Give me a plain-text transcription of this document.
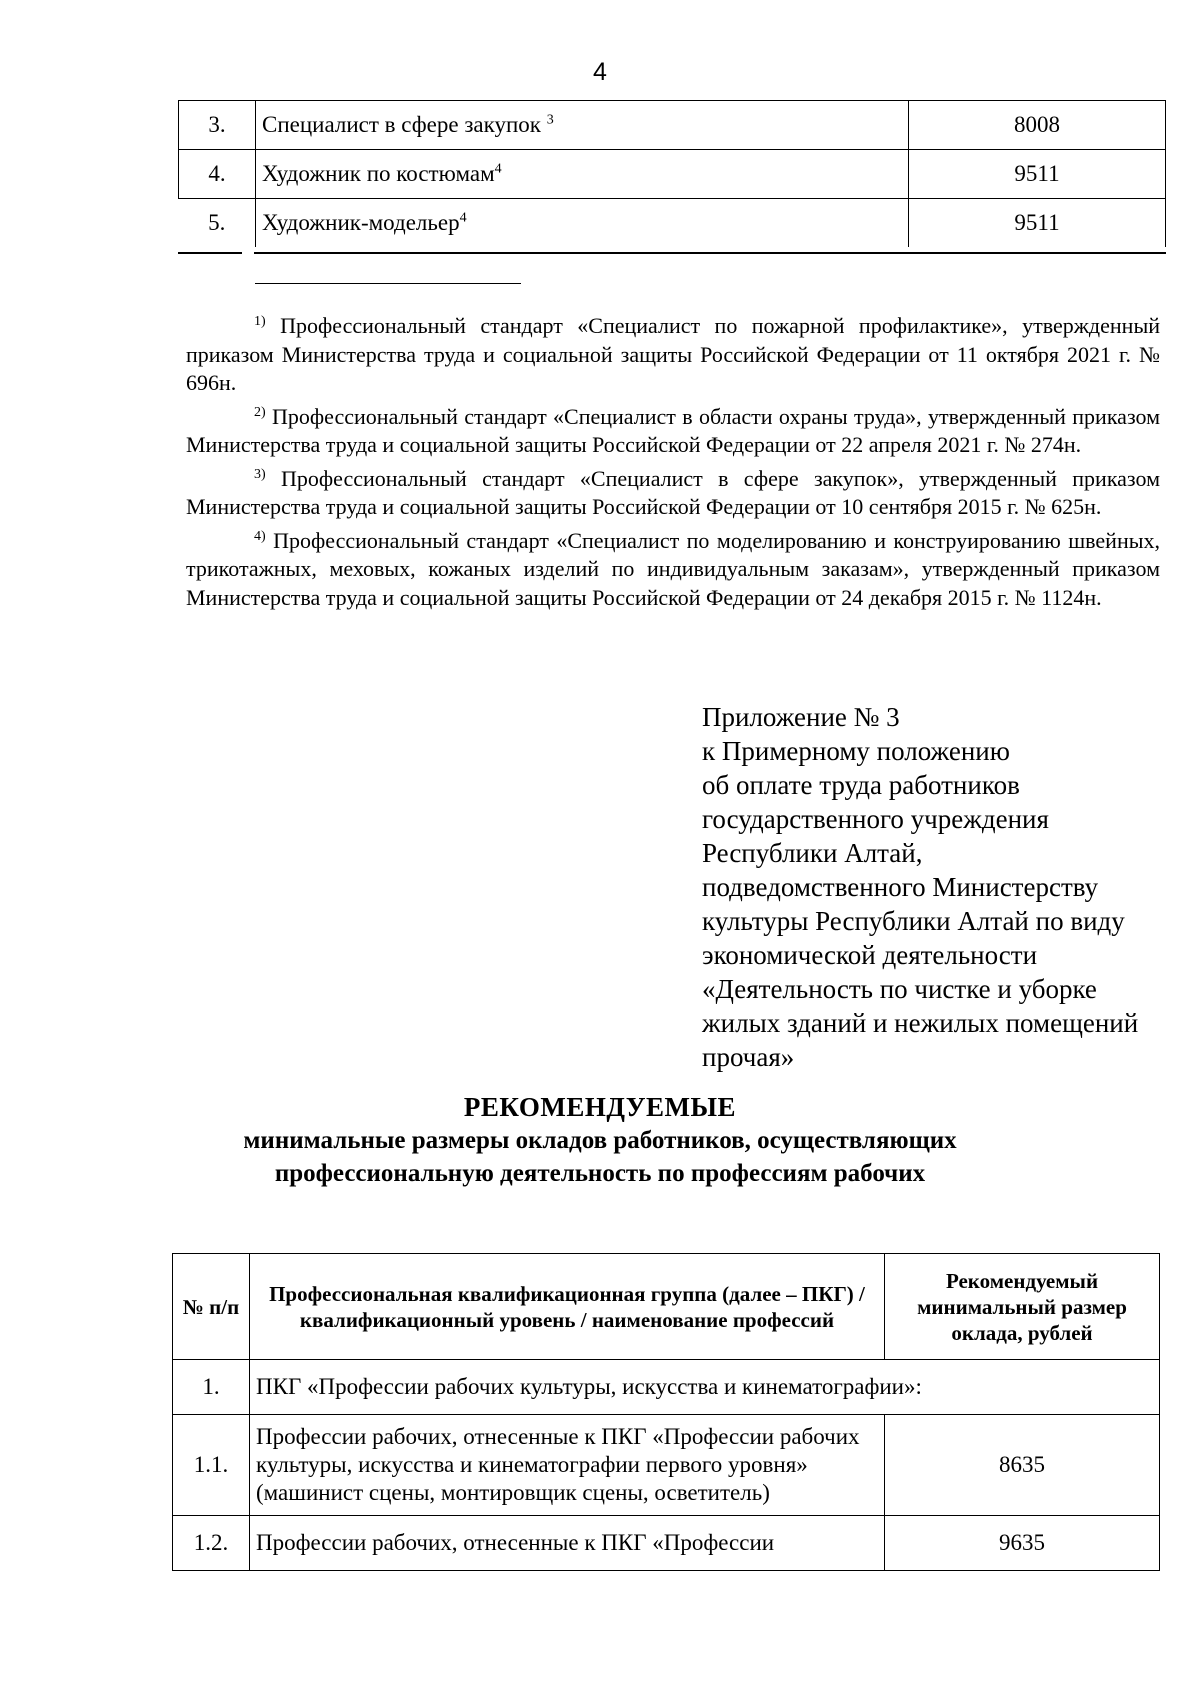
4
3.	Специалист в сфере закупок $^3$	8008
4.	Художник по костюмам$^4$	9511
5.	Художник-модельер$^4$	9511

$^{1)}$ Профессиональный стандарт «Специалист по пожарной профилактике», утвержденный приказом Министерства труда и социальной защиты Российской Федерации от 11 октября 2021 г. № 696н.

$^{2)}$ Профессиональный стандарт «Специалист в области охраны труда», утвержденный приказом Министерства труда и социальной защиты Российской Федерации от 22 апреля 2021 г. № 274н.

$^{3)}$ Профессиональный стандарт «Специалист в сфере закупок», утвержденный приказом Министерства труда и социальной защиты Российской Федерации от 10 сентября 2015 г. № 625н.

$^{4)}$ Профессиональный стандарт «Специалист по моделированию и конструированию швейных, трикотажных, меховых, кожаных изделий по индивидуальным заказам», утвержденный приказом Министерства труда и социальной защиты Российской Федерации от 24 декабря 2015 г. № 1124н.

Приложение № 3
к Примерному положению
об оплате труда работников
государственного учреждения
Республики Алтай,
подведомственного Министерству
культуры Республики Алтай по виду
экономической деятельности
«Деятельность по чистке и уборке
жилых зданий и нежилых помещений
прочая»
РЕКОМЕНДУЕМЫЕ
минимальные размеры окладов работников, осуществляющих
профессиональную деятельность по профессиям рабочих
№ п/п	Профессиональная квалификационная группа (далее – ПКГ) / квалификационный уровень / наименование профессий	Рекомендуемый минимальный размер оклада, рублей
1.	ПКГ «Профессии рабочих культуры, искусства и кинематографии»:	
1.1.	Профессии рабочих, отнесенные к ПКГ «Профессии рабочих культуры, искусства и кинематографии первого уровня» (машинист сцены, монтировщик сцены, осветитель)	8635
1.2.	Профессии рабочих, отнесенные к ПКГ «Профессии	9635
